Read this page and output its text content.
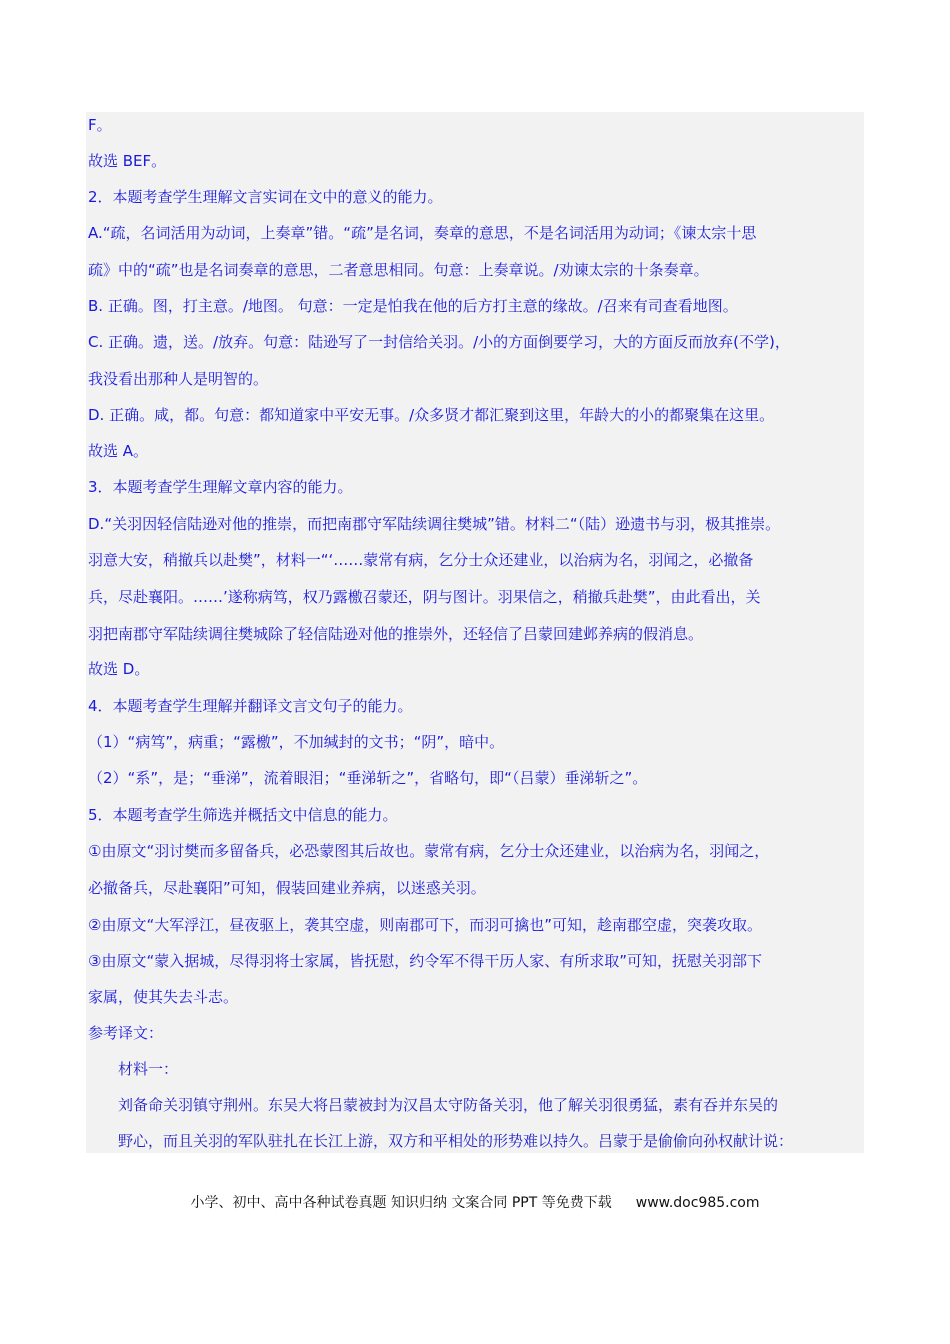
F。
故选 BEF。
2．本题考查学生理解文言实词在文中的意义的能力。
A.“疏，名词活用为动词，上奏章”错。“疏”是名词，奏章的意思，不是名词活用为动词；《谏太宗十思
疏》中的“疏”也是名词奏章的意思，二者意思相同。句意：上奏章说。/劝谏太宗的十条奏章。
B. 正确。图，打主意。/地图。 句意：一定是怕我在他的后方打主意的缘故。/召来有司查看地图。
C. 正确。遗，送。/放弃。句意：陆逊写了一封信给关羽。/小的方面倒要学习，大的方面反而放弃(不学)，
我没看出那种人是明智的。
D. 正确。咸，都。句意：都知道家中平安无事。/众多贤才都汇聚到这里，年龄大的小的都聚集在这里。
故选 A。
3．本题考查学生理解文章内容的能力。
D.“关羽因轻信陆逊对他的推崇，而把南郡守军陆续调往樊城”错。材料二“（陆）逊遗书与羽，极其推崇。
羽意大安，稍撤兵以赴樊”，材料一“‘……蒙常有病，乞分士众还建业，以治病为名，羽闻之，必撤备
兵，尽赴襄阳。……’遂称病笃，权乃露檄召蒙还，阴与图计。羽果信之，稍撤兵赴樊”，由此看出，关
羽把南郡守军陆续调往樊城除了轻信陆逊对他的推崇外，还轻信了吕蒙回建邺养病的假消息。
故选 D。
4．本题考查学生理解并翻译文言文句子的能力。
（1）“病笃”，病重；“露檄”，不加缄封的文书；“阴”，暗中。
（2）“系”，是；“垂涕”，流着眼泪；“垂涕斩之”，省略句，即“（吕蒙）垂涕斩之”。
5．本题考查学生筛选并概括文中信息的能力。
①由原文“羽讨樊而多留备兵，必恐蒙图其后故也。蒙常有病，乞分士众还建业，以治病为名，羽闻之，
必撤备兵，尽赴襄阳”可知，假装回建业养病，以迷惑关羽。
②由原文“大军浮江，昼夜驱上，袭其空虚，则南郡可下，而羽可擒也”可知，趁南郡空虚，突袭攻取。
③由原文“蒙入据城，尽得羽将士家属，皆抚慰，约令军不得干历人家、有所求取”可知，抚慰关羽部下
家属，使其失去斗志。
参考译文：
材料一：
刘备命关羽镇守荆州。东吴大将吕蒙被封为汉昌太守防备关羽，他了解关羽很勇猛，素有吞并东吴的
野心，而且关羽的军队驻扎在长江上游，双方和平相处的形势难以持久。吕蒙于是偷偷向孙权献计说：
小学、初中、高中各种试卷真题 知识归纳 文案合同 PPT 等免费下载 www.doc985.com
